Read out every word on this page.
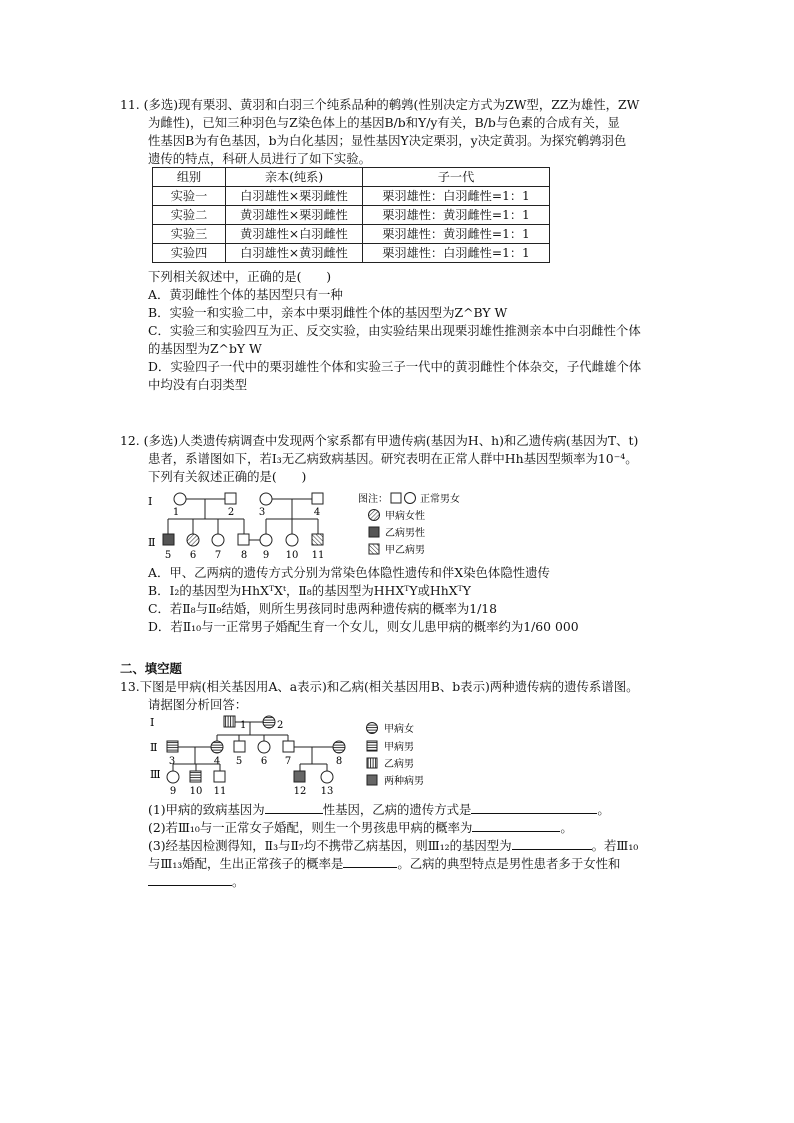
11. (多选)现有栗羽、黄羽和白羽三个纯系品种的鹌鹑(性别决定方式为ZW型，ZZ为雄性，ZW
为雌性)，已知三种羽色与Z染色体上的基因B/b和Y/y有关，B/b与色素的合成有关，显
性基因B为有色基因，b为白化基因；显性基因Y决定栗羽，y决定黄羽。为探究鹌鹑羽色
遗传的特点，科研人员进行了如下实验。
组别	亲本(纯系)	子一代
实验一	白羽雄性×栗羽雌性	栗羽雄性：白羽雌性=1：1
实验二	黄羽雄性×栗羽雌性	栗羽雄性：黄羽雌性=1：1
实验三	黄羽雄性×白羽雌性	栗羽雄性：黄羽雌性=1：1
实验四	白羽雄性×黄羽雌性	栗羽雄性：白羽雌性=1：1
下列相关叙述中，正确的是(　　)
A．黄羽雌性个体的基因型只有一种
B．实验一和实验二中，亲本中栗羽雌性个体的基因型为Z^BY W
C．实验三和实验四互为正、反交实验，由实验结果出现栗羽雄性推测亲本中白羽雌性个体
的基因型为Z^bY W
D．实验四子一代中的栗羽雄性个体和实验三子一代中的黄羽雌性个体杂交，子代雌雄个体
中均没有白羽类型
12. (多选)人类遗传病调查中发现两个家系都有甲遗传病(基因为H、h)和乙遗传病(基因为T、t)
患者，系谱图如下，若Ⅰ₃无乙病致病基因。研究表明在正常人群中Hh基因型频率为10⁻⁴。
下列有关叙述正确的是(　　)
Ⅰ
Ⅱ
1	2 3	4
5 6 7 8 9 10 11
图注：	正常男女
甲病女性
乙病男性
甲乙病男
A．甲、乙两病的遗传方式分别为常染色体隐性遗传和伴X染色体隐性遗传
B．Ⅰ₂的基因型为HhXᵀXᵗ，Ⅱ₈的基因型为HHXᵀY或HhXᵀY
C．若Ⅱ₈与Ⅱ₉结婚，则所生男孩同时患两种遗传病的概率为1/18
D．若Ⅱ₁₀与一正常男子婚配生育一个女儿，则女儿患甲病的概率约为1/60 000
二、填空题
13.下图是甲病(相关基因用A、a表示)和乙病(相关基因用B、b表示)两种遗传病的遗传系谱图。
请据图分析回答：
Ⅰ
Ⅱ
Ⅲ
1	2
3	4 5 6 7	8
9 10 11	12 13
甲病女
甲病男
乙病男
两种病男
(1)甲病的致病基因为	性基因，乙病的遗传方式是	。
(2)若Ⅲ₁₀与一正常女子婚配，则生一个男孩患甲病的概率为	。
(3)经基因检测得知，Ⅱ₃与Ⅱ₇均不携带乙病基因，则Ⅲ₁₂的基因型为	。若Ⅲ₁₀
与Ⅲ₁₃婚配，生出正常孩子的概率是	。乙病的典型特点是男性患者多于女性和
。
